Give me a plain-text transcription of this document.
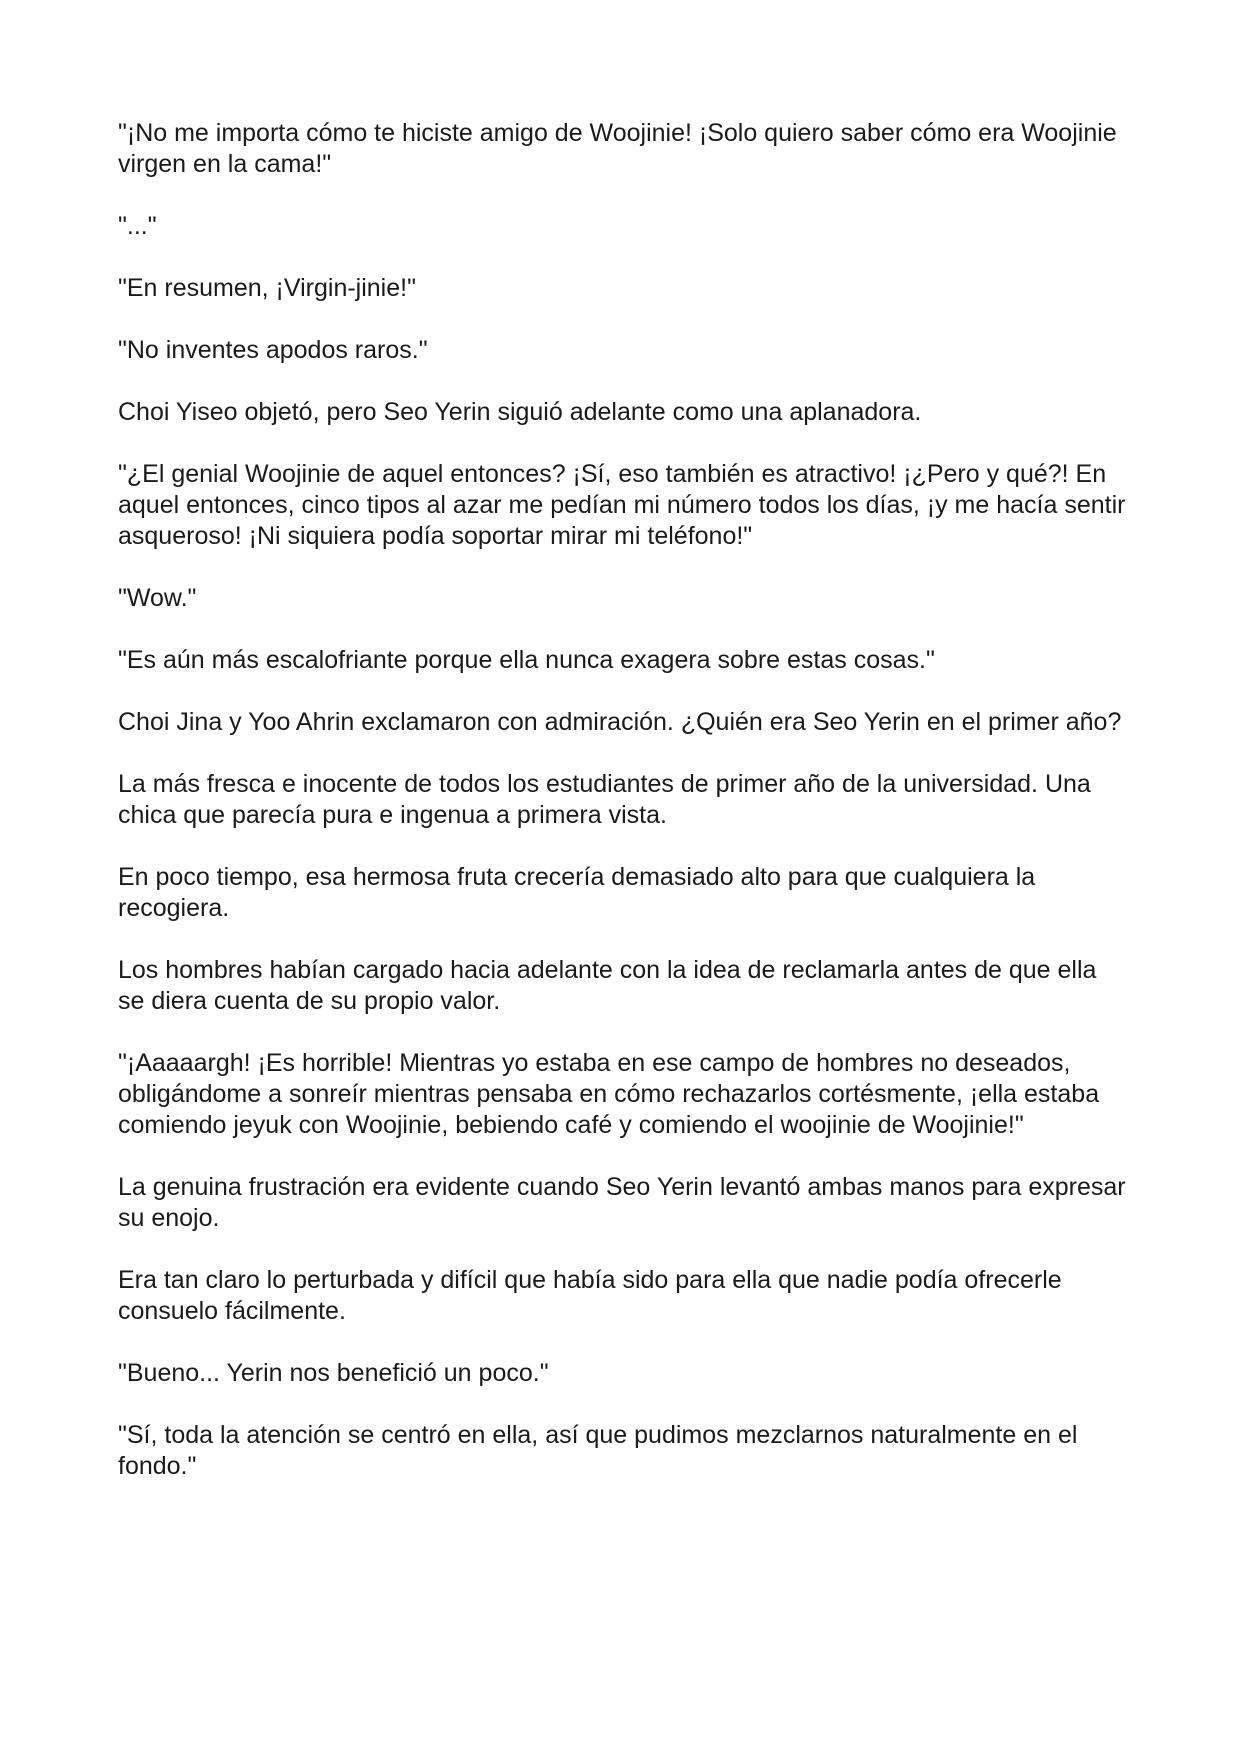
"¡No me importa cómo te hiciste amigo de Woojinie! ¡Solo quiero saber cómo era Woojinie virgen en la cama!"

"..."

"En resumen, ¡Virgin-jinie!"

"No inventes apodos raros."

Choi Yiseo objetó, pero Seo Yerin siguió adelante como una aplanadora.

"¿El genial Woojinie de aquel entonces? ¡Sí, eso también es atractivo! ¡¿Pero y qué?! En aquel entonces, cinco tipos al azar me pedían mi número todos los días, ¡y me hacía sentir asqueroso! ¡Ni siquiera podía soportar mirar mi teléfono!"

"Wow."

"Es aún más escalofriante porque ella nunca exagera sobre estas cosas."

Choi Jina y Yoo Ahrin exclamaron con admiración. ¿Quién era Seo Yerin en el primer año?

La más fresca e inocente de todos los estudiantes de primer año de la universidad. Una chica que parecía pura e ingenua a primera vista.

En poco tiempo, esa hermosa fruta crecería demasiado alto para que cualquiera la recogiera.

Los hombres habían cargado hacia adelante con la idea de reclamarla antes de que ella se diera cuenta de su propio valor.

"¡Aaaaargh! ¡Es horrible! Mientras yo estaba en ese campo de hombres no deseados, obligándome a sonreír mientras pensaba en cómo rechazarlos cortésmente, ¡ella estaba comiendo jeyuk con Woojinie, bebiendo café y comiendo el woojinie de Woojinie!"

La genuina frustración era evidente cuando Seo Yerin levantó ambas manos para expresar su enojo.

Era tan claro lo perturbada y difícil que había sido para ella que nadie podía ofrecerle consuelo fácilmente.

"Bueno... Yerin nos benefició un poco."

"Sí, toda la atención se centró en ella, así que pudimos mezclarnos naturalmente en el fondo."
